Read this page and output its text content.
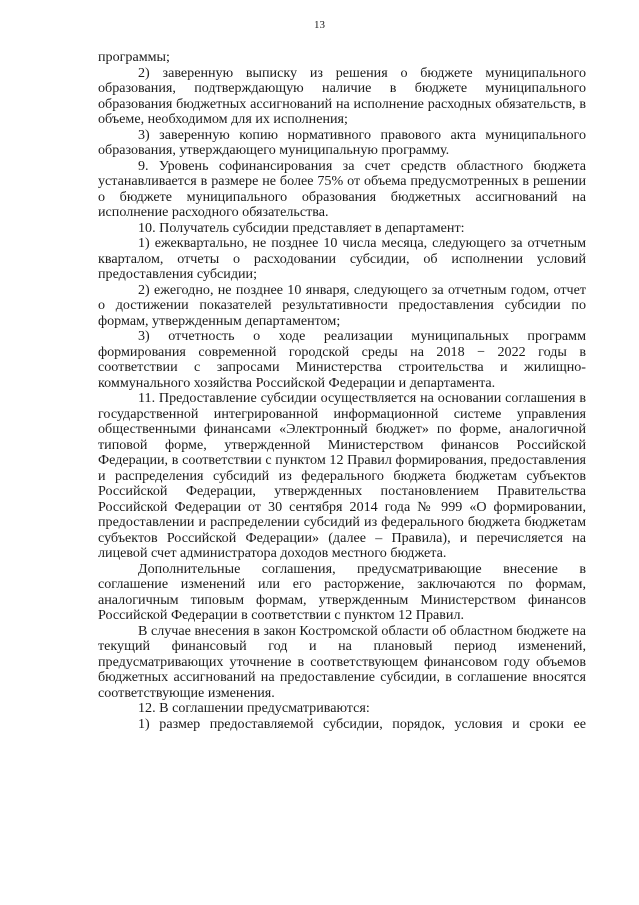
13

программы;

2) заверенную выписку из решения о бюджете муниципального образования, подтверждающую наличие в бюджете муниципального образования бюджетных ассигнований на исполнение расходных обязательств, в объеме, необходимом для их исполнения;

3) заверенную копию нормативного правового акта муниципального образования, утверждающего муниципальную программу.

9. Уровень софинансирования за счет средств областного бюджета устанавливается в размере не более 75% от объема предусмотренных в решении о бюджете муниципального образования бюджетных ассигнований на исполнение расходного обязательства.

10. Получатель субсидии представляет в департамент:

1) ежеквартально, не позднее 10 числа месяца, следующего за отчетным кварталом, отчеты о расходовании субсидии, об исполнении условий предоставления субсидии;

2) ежегодно, не позднее 10 января, следующего за отчетным годом, отчет о достижении показателей результативности предоставления субсидии по формам, утвержденным департаментом;

3) отчетность о ходе реализации муниципальных программ формирования современной городской среды на 2018 − 2022 годы в соответствии с запросами Министерства строительства и жилищно-коммунального хозяйства Российской Федерации и департамента.

11. Предоставление субсидии осуществляется на основании соглашения в государственной интегрированной информационной системе управления общественными финансами «Электронный бюджет» по форме, аналогичной типовой форме, утвержденной Министерством финансов Российской Федерации, в соответствии с пунктом 12 Правил формирования, предоставления и распределения субсидий из федерального бюджета бюджетам субъектов Российской Федерации, утвержденных постановлением Правительства Российской Федерации от 30 сентября 2014 года № 999 «О формировании, предоставлении и распределении субсидий из федерального бюджета бюджетам субъектов Российской Федерации» (далее – Правила), и перечисляется на лицевой счет администратора доходов местного бюджета.

Дополнительные соглашения, предусматривающие внесение в соглашение изменений или его расторжение, заключаются по формам, аналогичным типовым формам, утвержденным Министерством финансов Российской Федерации в соответствии с пунктом 12 Правил.

В случае внесения в закон Костромской области об областном бюджете на текущий финансовый год и на плановый период изменений, предусматривающих уточнение в соответствующем финансовом году объемов бюджетных ассигнований на предоставление субсидии, в соглашение вносятся соответствующие изменения.

12. В соглашении предусматриваются:

1) размер предоставляемой субсидии, порядок, условия и сроки ее
